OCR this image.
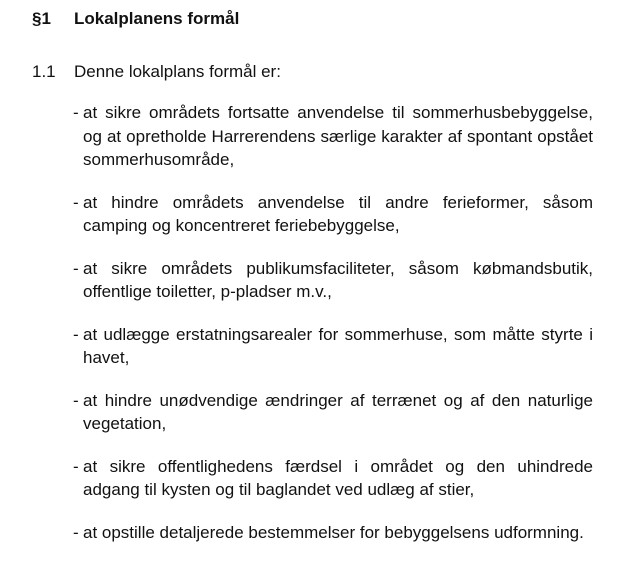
§1 Lokalplanens formål
1.1 Denne lokalplans formål er:
- at sikre områdets fortsatte anvendelse til sommerhusbebyggelse, og at opretholde Harrerendens særlige karakter af spontant opstået sommerhusområde,
- at hindre områdets anvendelse til andre ferieformer, såsom camping og koncentreret feriebebyggelse,
- at sikre områdets publikumsfaciliteter, såsom købmandsbutik, offentlige toiletter, p-pladser m.v.,
- at udlægge erstatningsarealer for sommerhuse, som måtte styrte i havet,
- at hindre unødvendige ændringer af terrænet og af den naturlige vegetation,
- at sikre offentlighedens færdsel i området og den uhindrede adgang til kysten og til baglandet ved udlæg af stier,
- at opstille detaljerede bestemmelser for bebyggelsens udformning.
